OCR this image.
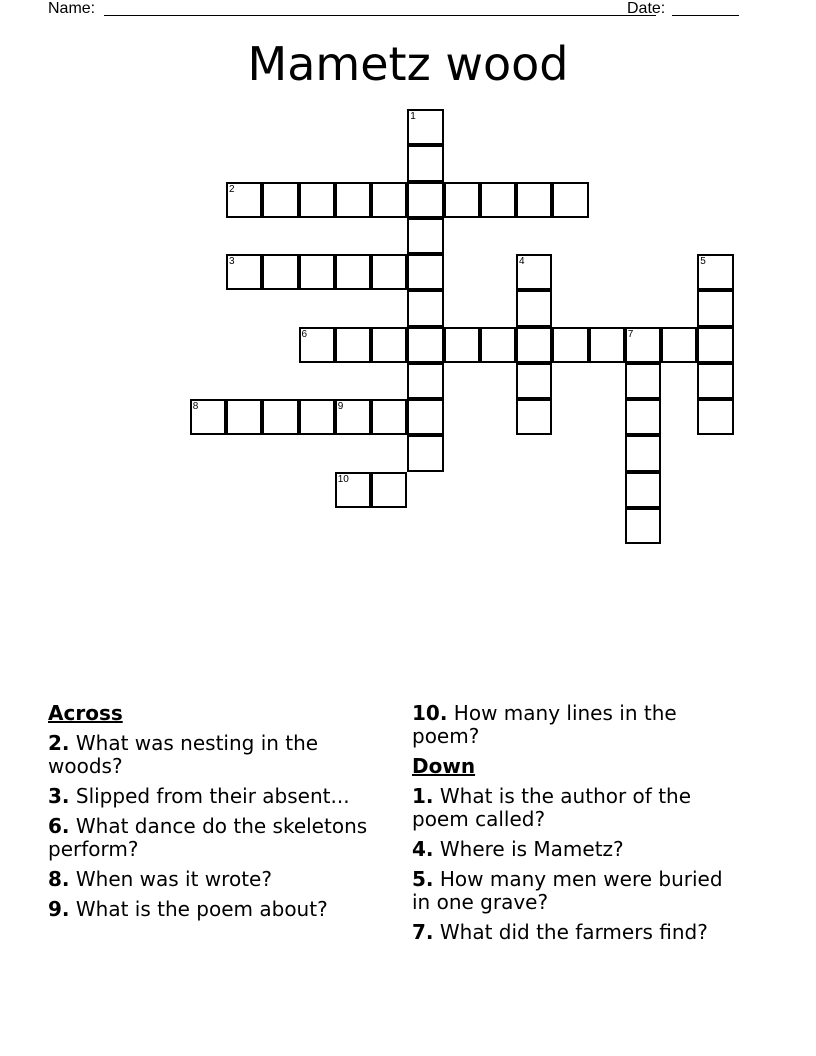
Name:	Date:
Mametz wood
1
2
3	4	5
6	7
8	9
10
Across
2. What was nesting in the woods?
3. Slipped from their absent...
6. What dance do the skeletons perform?
8. When was it wrote?
9. What is the poem about?
10. How many lines in the poem?
Down
1. What is the author of the poem called?
4. Where is Mametz?
5. How many men were buried in one grave?
7. What did the farmers find?
